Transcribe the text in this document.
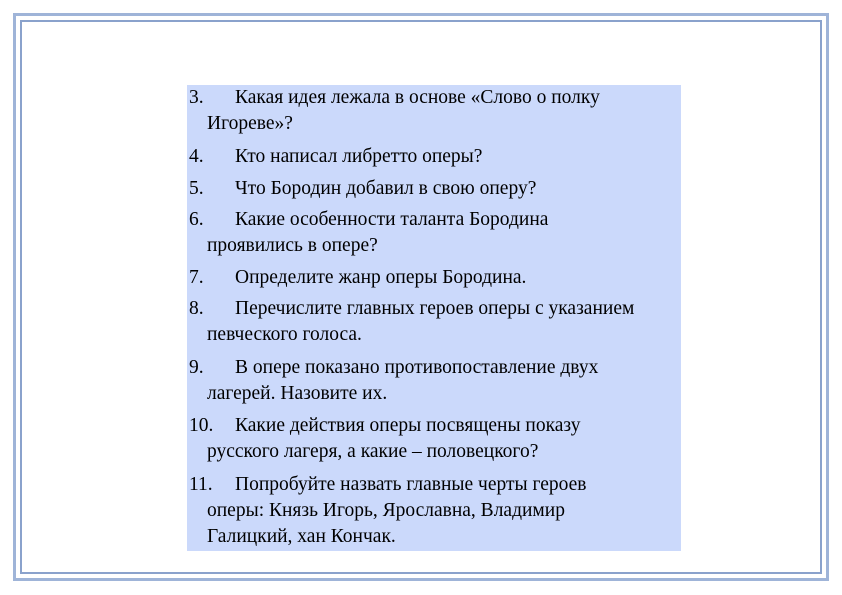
3. Какая идея лежала в основе «Слово о полку
Игореве»?
4. Кто написал либретто оперы?
5. Что Бородин добавил в свою оперу?
6. Какие особенности таланта Бородина
проявились в опере?
7. Определите жанр оперы Бородина.
8. Перечислите главных героев оперы с указанием
певческого голоса.
9. В опере показано противопоставление двух
лагерей. Назовите их.
10. Какие действия оперы посвящены показу
русского лагеря, а какие – половецкого?
11. Попробуйте назвать главные черты героев
оперы: Князь Игорь, Ярославна, Владимир
Галицкий, хан Кончак.
